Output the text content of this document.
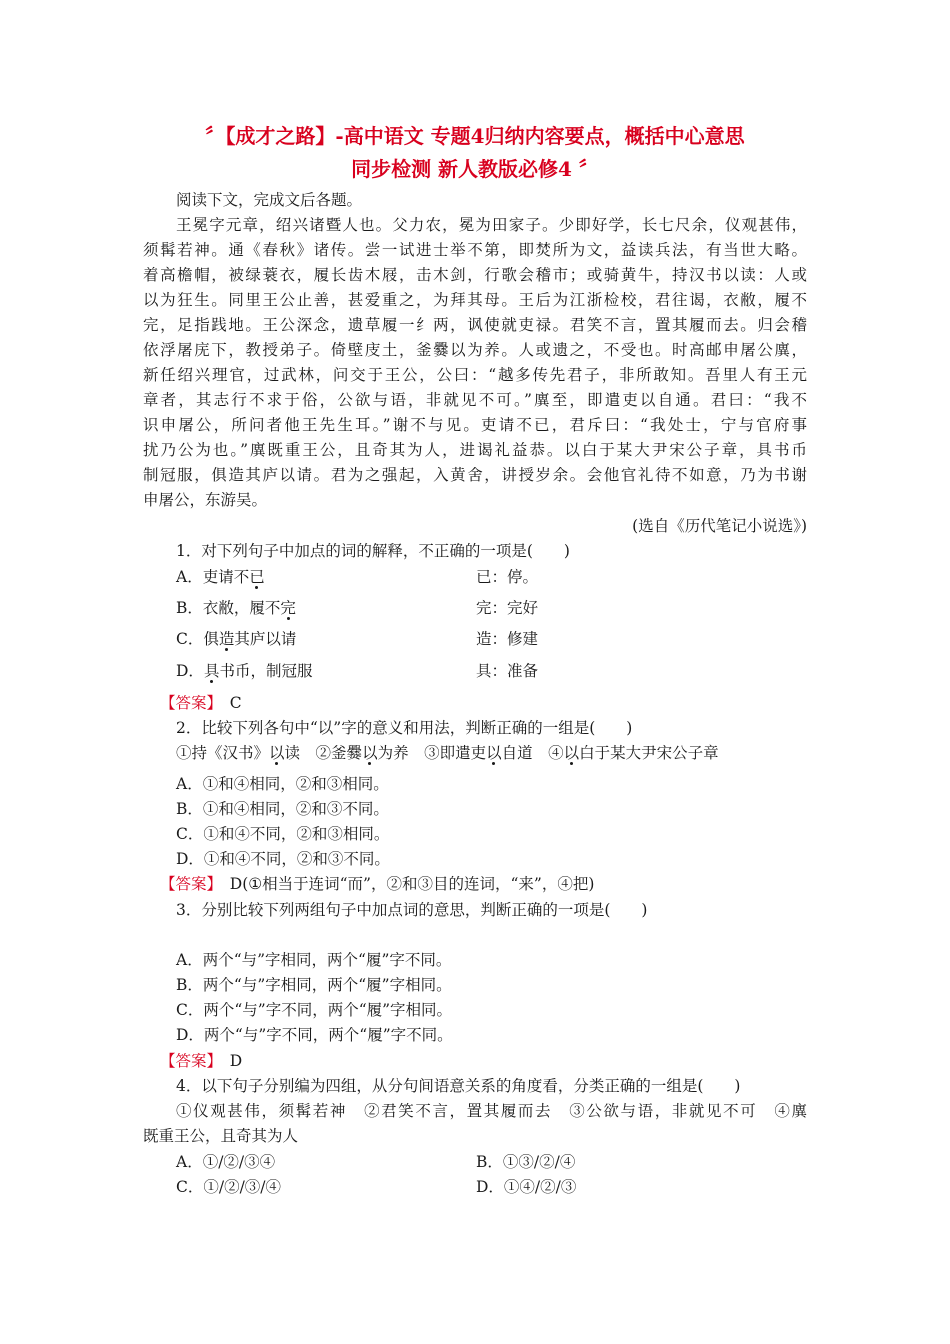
〞【成才之路】-高中语文 专题4归纳内容要点，概括中心意思
同步检测 新人教版必修4 〞
阅读下文，完成文后各题。
王冕字元章，绍兴诸暨人也。父力农，冕为田家子。少即好学，长七尺余，仪观甚伟，
须髯若神。通《春秋》诸传。尝一试进士举不第，即焚所为文，益读兵法，有当世大略。
着高檐帽，被绿蓑衣，履长齿木屐，击木剑，行歌会稽市；或骑黄牛，持汉书以读：人或
以为狂生。同里王公止善，甚爱重之，为拜其母。王后为江浙检校，君往谒，衣敝，履不
完，足指践地。王公深念，遗草履一纟两，讽使就吏禄。君笑不言，置其履而去。归会稽
依浮屠庑下，教授弟子。倚壁庋土，釜爨以为养。人或遗之，不受也。时高邮申屠公廙，
新任绍兴理官，过武林，问交于王公，公曰：“越多传先君子，非所敢知。吾里人有王元
章者，其志行不求于俗，公欲与语，非就见不可。”廙至，即遣吏以自通。君曰：“我不
识申屠公，所问者他王先生耳。”谢不与见。吏请不已，君斥曰：“我处士，宁与官府事
扰乃公为也。”廙既重王公，且奇其为人，进谒礼益恭。以白于某大尹宋公子章，具书币
制冠服，俱造其庐以请。君为之强起，入黄舍，讲授岁余。会他官礼待不如意，乃为书谢
申屠公，东游吴。
(选自《历代笔记小说选》)
1．对下列句子中加点的词的解释，不正确的一项是(　　)
A．吏请不已	已：停。
B．衣敝，履不完	完：完好
C．俱造其庐以请	造：修建
D．具书币，制冠服	具：准备
【答案】　C
2．比较下列各句中“以”字的意义和用法，判断正确的一组是(　　)
①持《汉书》以读　②釜爨以为养　③即遣吏以自道　④以白于某大尹宋公子章
A．①和④相同，②和③相同。
B．①和④相同，②和③不同。
C．①和④不同，②和③相同。
D．①和④不同，②和③不同。
【答案】　D(①相当于连词“而”，②和③目的连词，“来”，④把)
3．分别比较下列两组句子中加点词的意思，判断正确的一项是(　　)
A．两个“与”字相同，两个“履”字不同。
B．两个“与”字相同，两个“履”字相同。
C．两个“与”字不同，两个“履”字相同。
D．两个“与”字不同，两个“履”字不同。
【答案】　D
4．以下句子分别编为四组，从分句间语意关系的角度看，分类正确的一组是(　　)
①仪观甚伟，须髯若神　②君笑不言，置其履而去　③公欲与语，非就见不可　④廙
既重王公，且奇其为人
A．①/②/③④	B．①③/②/④
C．①/②/③/④	D．①④/②/③
